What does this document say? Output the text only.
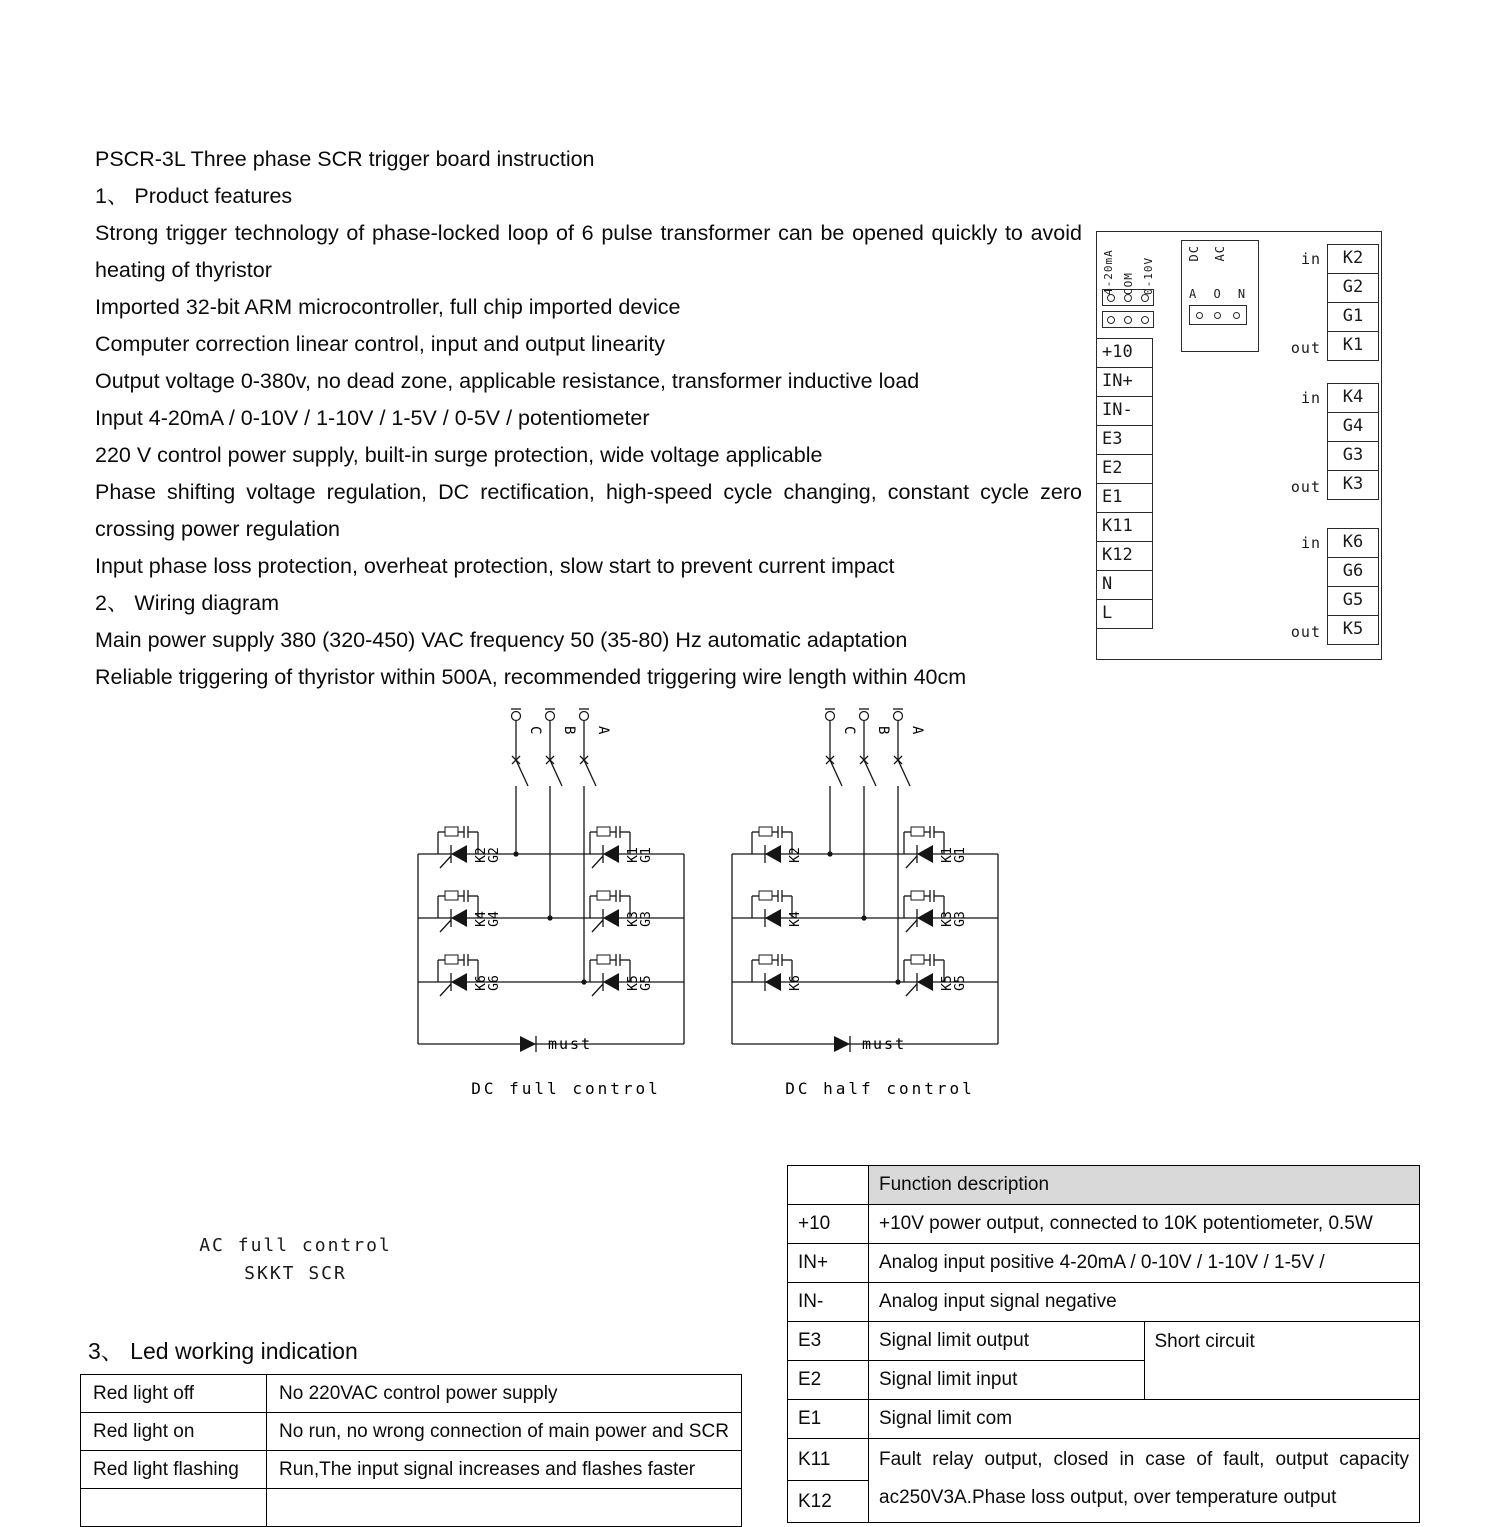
PSCR-3L Three phase SCR trigger board instruction

1、 Product features

Strong trigger technology of phase-locked loop of 6 pulse transformer can be opened quickly to avoid heating of thyristor

Imported 32-bit ARM microcontroller, full chip imported device

Computer correction linear control, input and output linearity

Output voltage 0-380v, no dead zone, applicable resistance, transformer inductive load

Input 4-20mA / 0-10V / 1-10V / 1-5V / 0-5V / potentiometer

220 V control power supply, built-in surge protection, wide voltage applicable

Phase shifting voltage regulation, DC rectification, high-speed cycle changing, constant cycle zero crossing power regulation

Input phase loss protection, overheat protection, slow start to prevent current impact

2、 Wiring diagram

Main power supply 380 (320-450) VAC frequency 50 (35-80) Hz automatic adaptation

Reliable triggering of thyristor within 500A, recommended triggering wire length within 40cm

4-20mA COM 0-10V
DC AC
A O N
+10
IN+
IN-
E3
E2
E1
K11
K12
N
L
in
out
K2
G2
G1
K1
in
out
K4
G4
G3
K3
in
out
K6
G6
G5
K5
C B A
K2
G2	K1
G1
K4
G4	K3
G3
K6
G6	K5
G5
must
DC full control
C B A
K2	K1
G1
K4	K3
G3
K6	K5
G5
must
DC half control
AC full control
SKKT SCR
3、 Led working indication
Red light off	No 220VAC control power supply
Red light on	No run, no wrong connection of main power and SCR
Red light flashing	Run,The input signal increases and flashes faster

	Function description	
+10	+10V power output, connected to 10K potentiometer, 0.5W	
IN+	Analog input positive 4-20mA / 0-10V / 1-10V / 1-5V /	
IN-	Analog input signal negative	
E3	Signal limit output	Short circuit
E2	Signal limit input	
E1	Signal limit com	
K11	Fault relay output, closed in case of fault, output capacity ac250V3A.Phase loss output, over temperature output	
K12		
